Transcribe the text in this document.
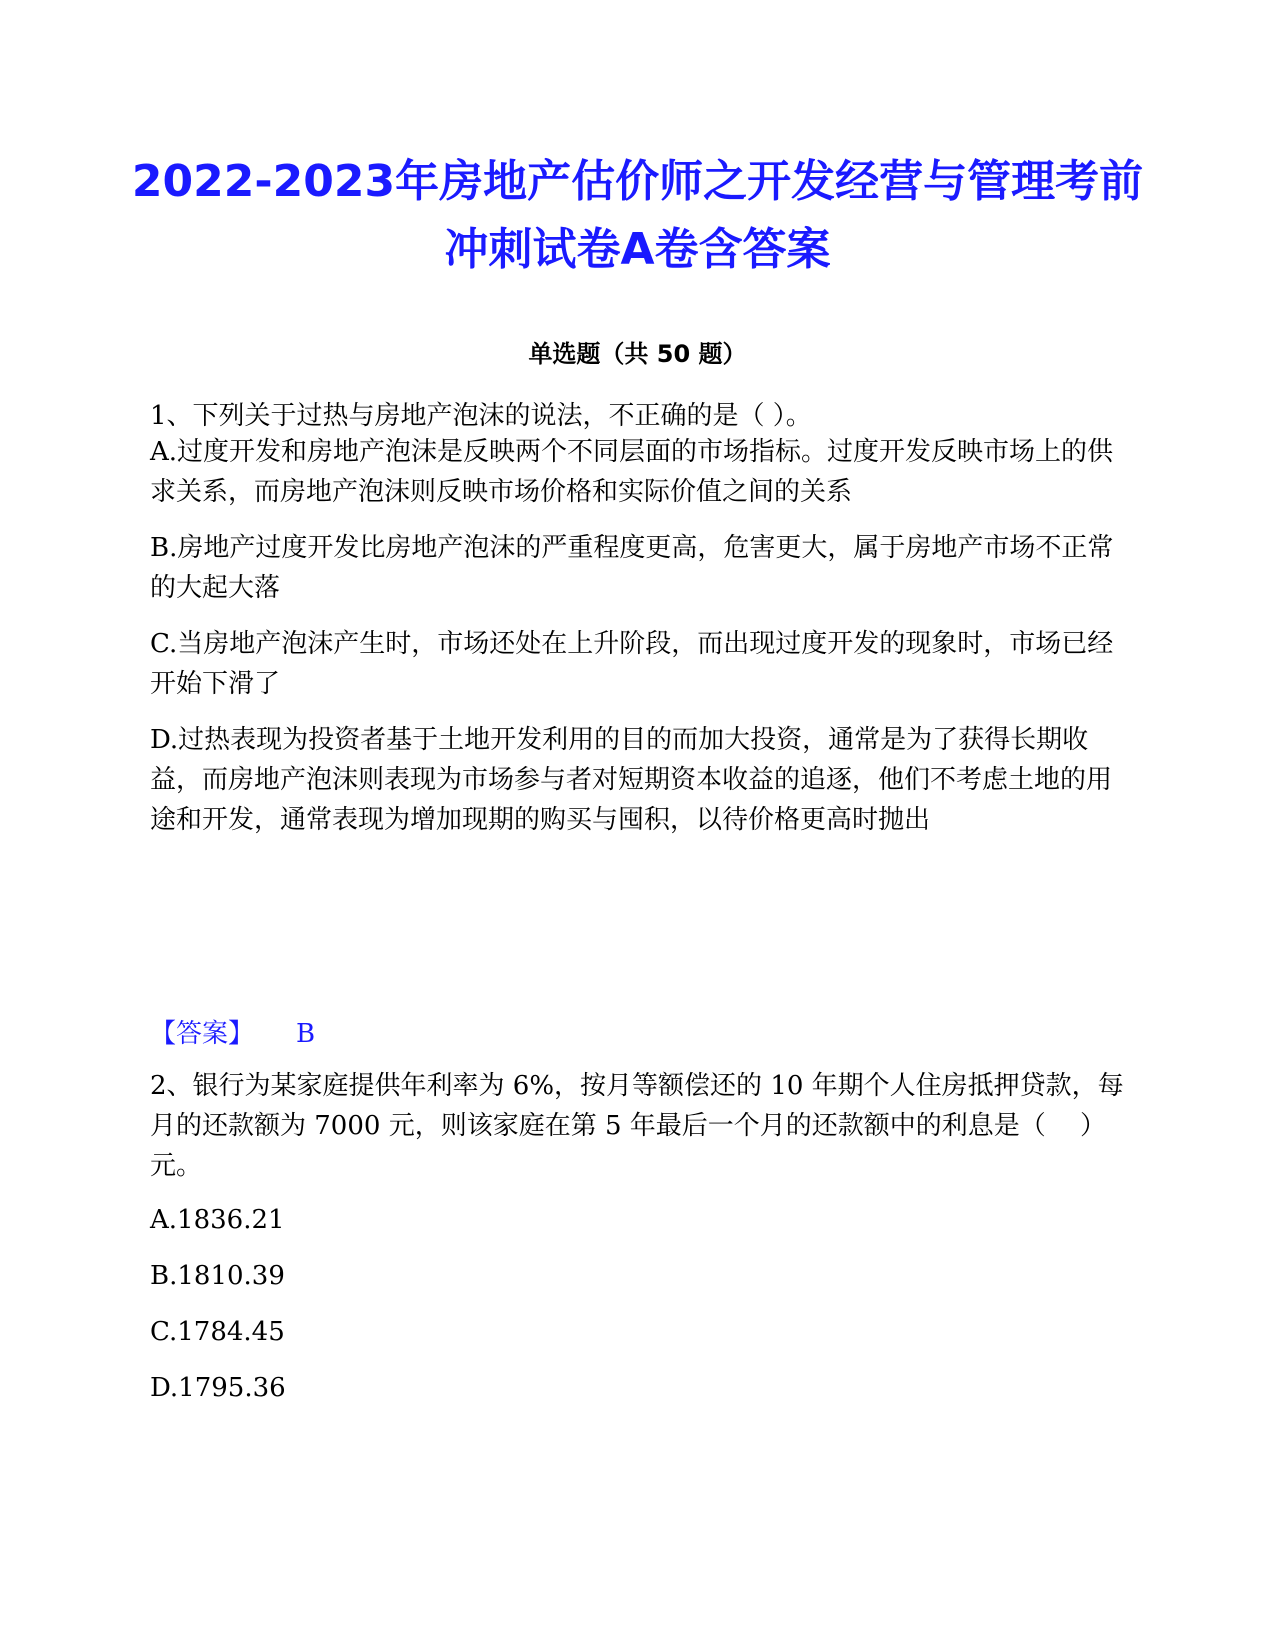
2022-2023年房地产估价师之开发经营与管理考前冲刺试卷A卷含答案
单选题（共 50 题）

1、下列关于过热与房地产泡沫的说法，不正确的是（ ）。

A.过度开发和房地产泡沫是反映两个不同层面的市场指标。过度开发反映市场上的供求关系，而房地产泡沫则反映市场价格和实际价值之间的关系

B.房地产过度开发比房地产泡沫的严重程度更高，危害更大，属于房地产市场不正常的大起大落

C.当房地产泡沫产生时，市场还处在上升阶段，而出现过度开发的现象时，市场已经开始下滑了

D.过热表现为投资者基于土地开发利用的目的而加大投资，通常是为了获得长期收益，而房地产泡沫则表现为市场参与者对短期资本收益的追逐，他们不考虑土地的用途和开发，通常表现为增加现期的购买与囤积，以待价格更高时抛出

【答案】 B

2、银行为某家庭提供年利率为 6%，按月等额偿还的 10 年期个人住房抵押贷款，每月的还款额为 7000 元，则该家庭在第 5 年最后一个月的还款额中的利息是（　 ）元。

A.1836.21

B.1810.39

C.1784.45

D.1795.36
